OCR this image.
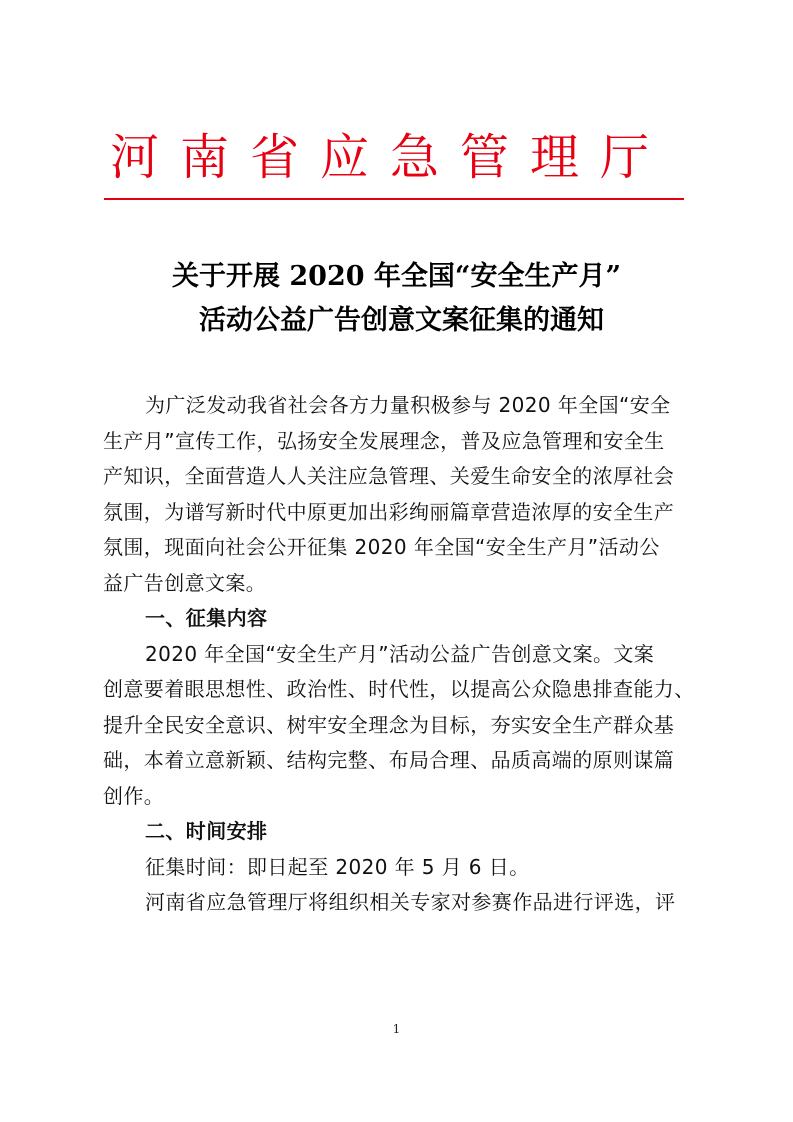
河南省应急管理厅
关于开展 2020 年全国“安全生产月”
活动公益广告创意文案征集的通知
为广泛发动我省社会各方力量积极参与 2020 年全国“安全
生产月”宣传工作，弘扬安全发展理念，普及应急管理和安全生
产知识，全面营造人人关注应急管理、关爱生命安全的浓厚社会
氛围，为谱写新时代中原更加出彩绚丽篇章营造浓厚的安全生产
氛围，现面向社会公开征集 2020 年全国“安全生产月”活动公
益广告创意文案。
一、征集内容
2020 年全国“安全生产月”活动公益广告创意文案。文案
创意要着眼思想性、政治性、时代性，以提高公众隐患排查能力、
提升全民安全意识、树牢安全理念为目标，夯实安全生产群众基
础，本着立意新颖、结构完整、布局合理、品质高端的原则谋篇
创作。
二、时间安排
征集时间：即日起至 2020 年 5 月 6 日。
河南省应急管理厅将组织相关专家对参赛作品进行评选，评
1
